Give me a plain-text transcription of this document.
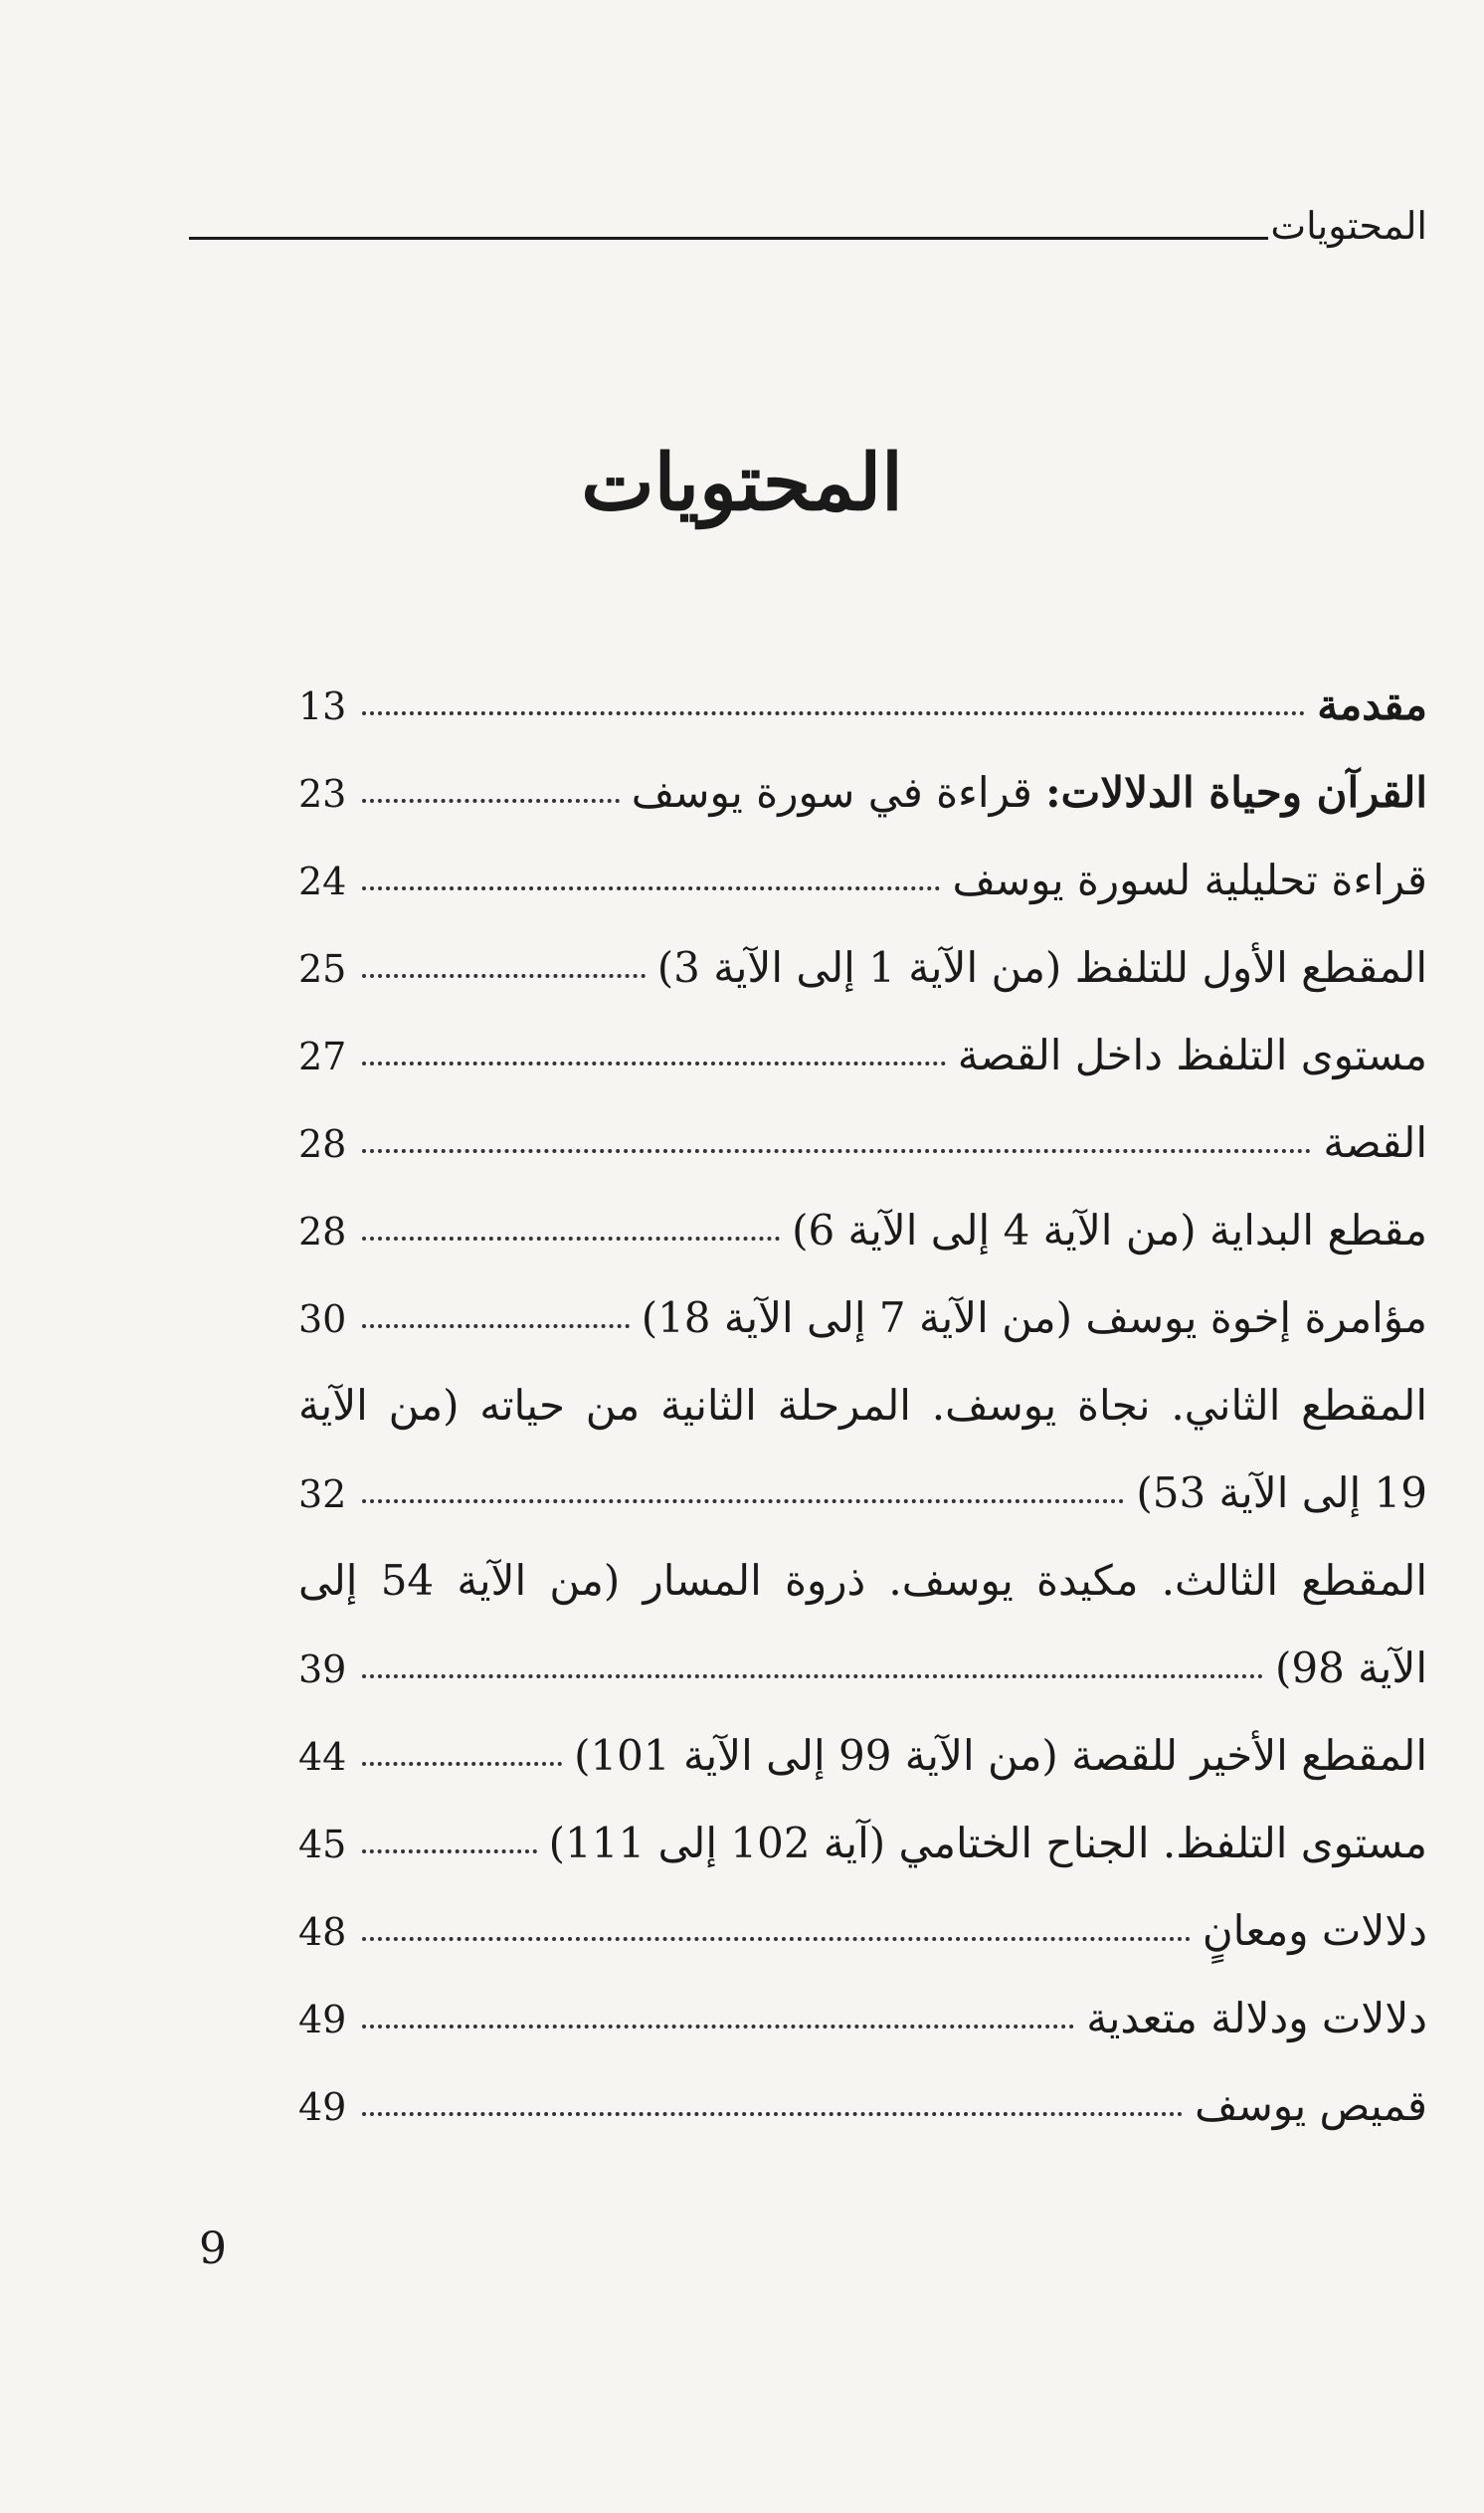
المحتويات
المحتويات
مقدمة
13
القرآن وحياة الدلالات: قراءة في سورة يوسف
23
قراءة تحليلية لسورة يوسف
24
المقطع الأول للتلفظ (من الآية 1 إلى الآية 3)
25
مستوى التلفظ داخل القصة
27
القصة
28
مقطع البداية (من الآية 4 إلى الآية 6)
28
مؤامرة إخوة يوسف (من الآية 7 إلى الآية 18)
30
المقطع الثاني. نجاة يوسف. المرحلة الثانية من حياته (من الآية
19 إلى الآية 53)
32
المقطع الثالث. مكيدة يوسف. ذروة المسار (من الآية 54 إلى
الآية 98)
39
المقطع الأخير للقصة (من الآية 99 إلى الآية 101)
44
مستوى التلفظ. الجناح الختامي (آية 102 إلى 111)
45
دلالات ومعانٍ
48
دلالات ودلالة متعدية
49
قميص يوسف
49
9
